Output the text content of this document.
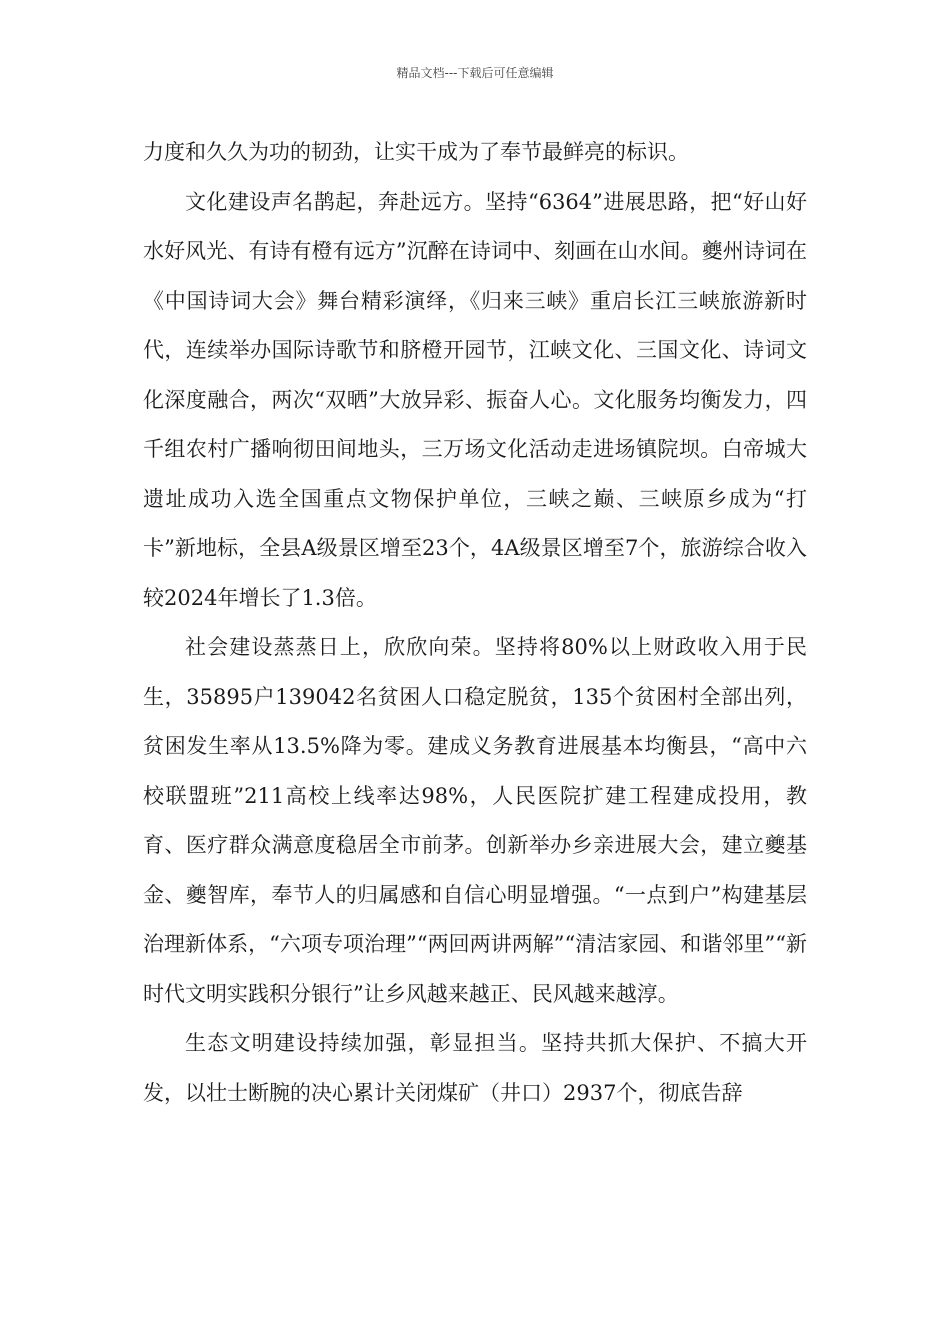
精品文档---下载后可任意编辑

力度和久久为功的韧劲，让实干成为了奉节最鲜亮的标识。

文化建设声名鹊起，奔赴远方。坚持“6364”进展思路，把“好山好水好风光、有诗有橙有远方”沉醉在诗词中、刻画在山水间。夔州诗词在《中国诗词大会》舞台精彩演绎，《归来三峡》重启长江三峡旅游新时代，连续举办国际诗歌节和脐橙开园节，江峡文化、三国文化、诗词文化深度融合，两次“双晒”大放异彩、振奋人心。文化服务均衡发力，四千组农村广播响彻田间地头，三万场文化活动走进场镇院坝。白帝城大遗址成功入选全国重点文物保护单位，三峡之巅、三峡原乡成为“打卡”新地标，全县A级景区增至23个，4A级景区增至7个，旅游综合收入较2024年增长了1.3倍。

社会建设蒸蒸日上，欣欣向荣。坚持将80%以上财政收入用于民生，35895户139042名贫困人口稳定脱贫，135个贫困村全部出列，贫困发生率从13.5%降为零。建成义务教育进展基本均衡县，“高中六校联盟班”211高校上线率达98%，人民医院扩建工程建成投用，教育、医疗群众满意度稳居全市前茅。创新举办乡亲进展大会，建立夔基金、夔智库，奉节人的归属感和自信心明显增强。“一点到户”构建基层治理新体系，“六项专项治理”“两回两讲两解”“清洁家园、和谐邻里”“新时代文明实践积分银行”让乡风越来越正、民风越来越淳。

生态文明建设持续加强，彰显担当。坚持共抓大保护、不搞大开发，以壮士断腕的决心累计关闭煤矿（井口）2937个，彻底告辞
